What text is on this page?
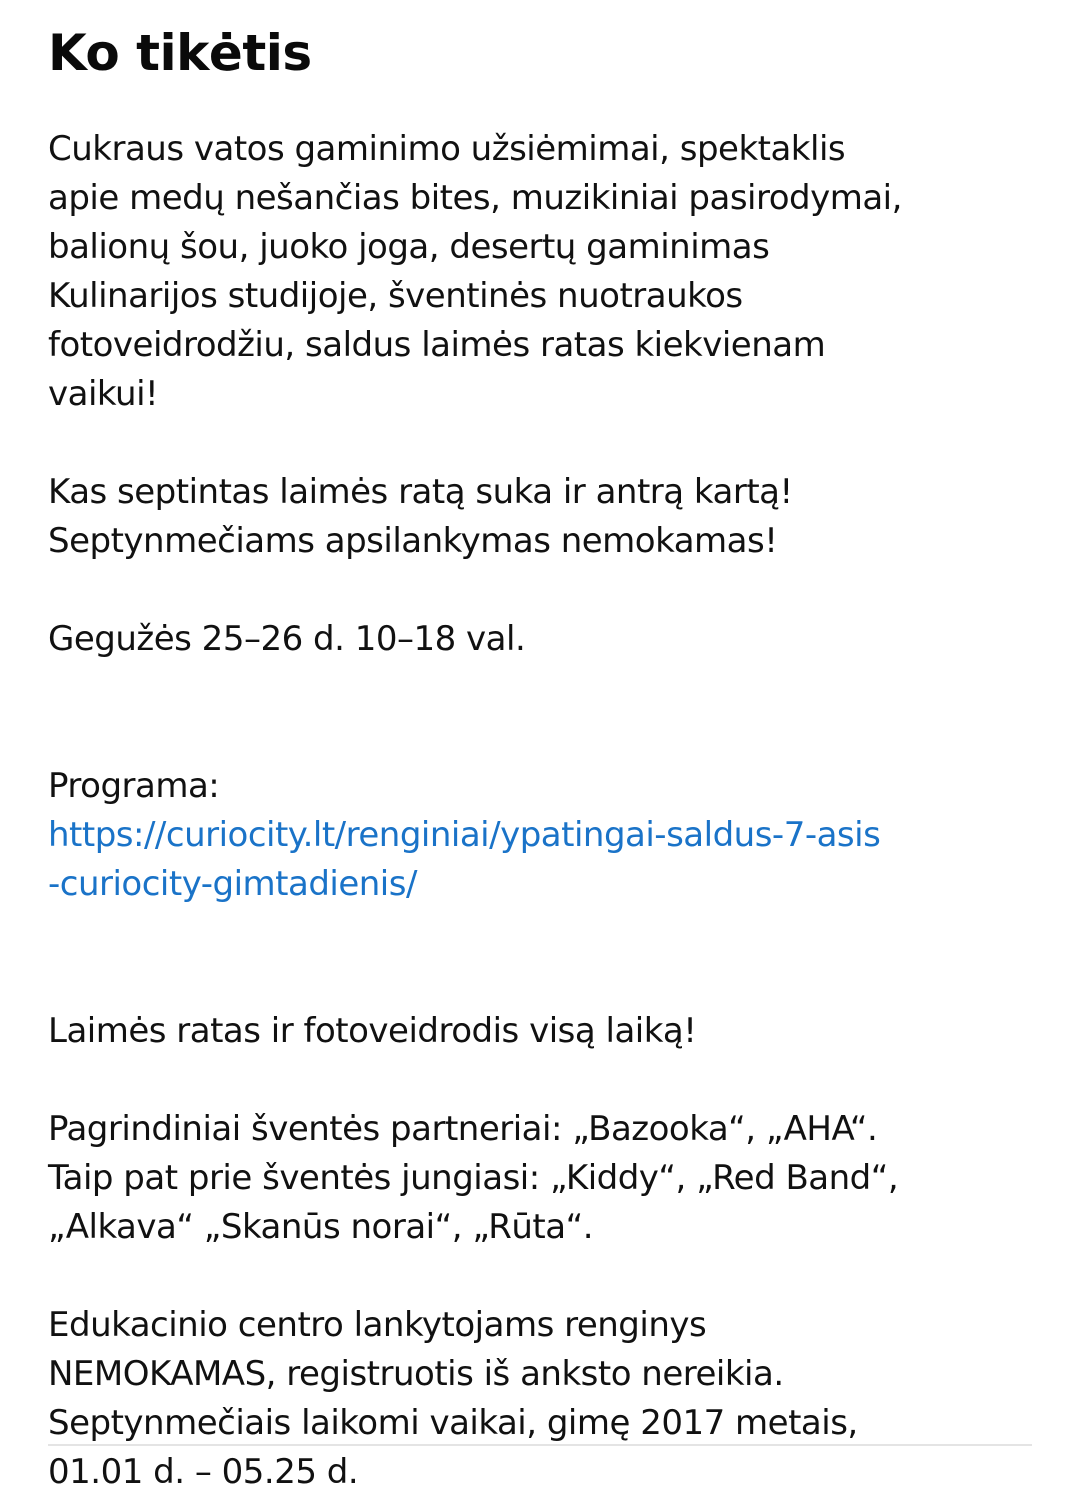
Ko tikėtis

Cukraus vatos gaminimo užsiėmimai, spektaklis
apie medų nešančias bites, muzikiniai pasirodymai,
balionų šou, juoko joga, desertų gaminimas
Kulinarijos studijoje, šventinės nuotraukos
fotoveidrodžiu, saldus laimės ratas kiekvienam
vaikui!

Kas septintas laimės ratą suka ir antrą kartą!
Septynmečiams apsilankymas nemokamas!

Gegužės 25–26 d. 10–18 val.

Programa:

https://curiocity.lt/renginiai/ypatingai-saldus-7-asis
-curiocity-gimtadienis/

Laimės ratas ir fotoveidrodis visą laiką!

Pagrindiniai šventės partneriai: „Bazooka“, „AHA“.
Taip pat prie šventės jungiasi: „Kiddy“, „Red Band“,
„Alkava“ „Skanūs norai“, „Rūta“.

Edukacinio centro lankytojams renginys
NEMOKAMAS, registruotis iš anksto nereikia.
Septynmečiais laikomi vaikai, gimę 2017 metais,
01.01 d. – 05.25 d.
